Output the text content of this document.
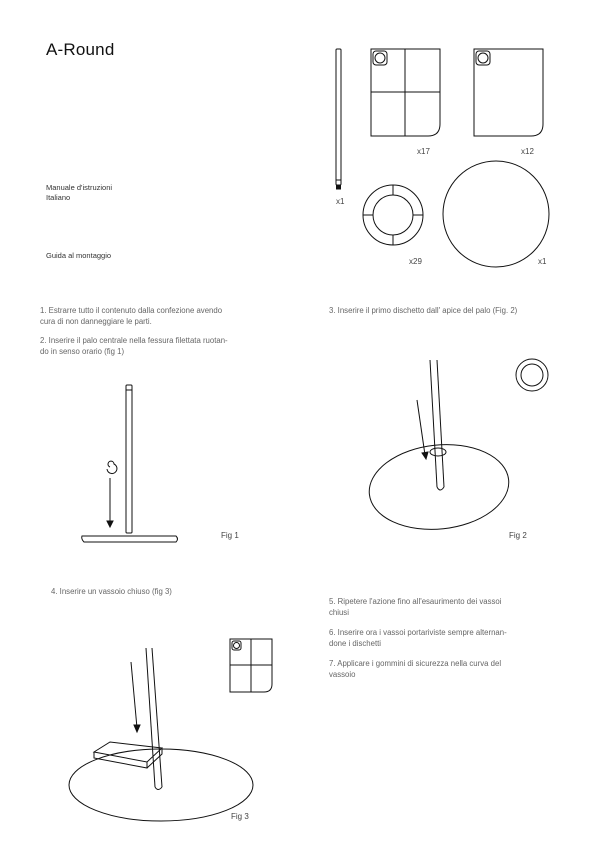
A-Round
Manuale d'istruzioni
Italiano
Guida al montaggio
x1
x17	x12
x29	x1
1. Estrarre tutto il contenuto dalla confezione avendo
cura di non danneggiare le parti.
2. Inserire il palo centrale nella fessura filettata ruotan-
do in senso orario (fig 1)
3. Inserire il primo dischetto dall' apice del palo (Fig. 2)
4. Inserire un vassoio chiuso (fig 3)
5. Ripetere l'azione fino all'esaurimento dei vassoi
chiusi
6. Inserire ora i vassoi portariviste sempre alternan-
done i dischetti
7. Applicare i gommini di sicurezza nella curva del
vassoio
Fig 1	Fig 2
Fig 3
